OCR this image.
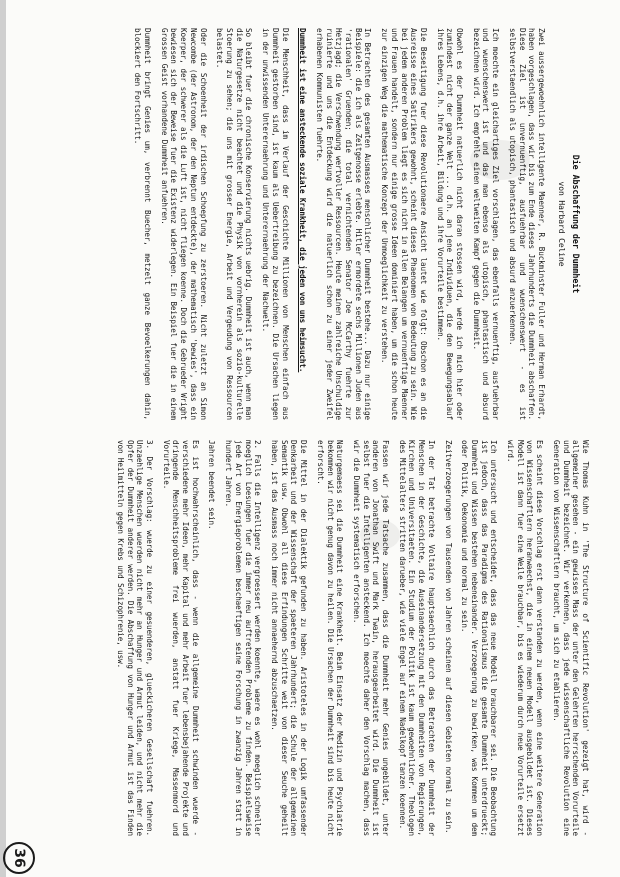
Die Abschaffung der Dummheit
von Harbard Celine

Zwei aussergewoehnlich intelligente Maenner, R. Buckminster Fuller und Herman Erhardt, haben vorgeschlagen, dass wir bis zum Ende dieses Jahrhunderts die Dummheit abschaffen. Diese Ziel ist unvernuenftig, ausfuehrbar und wuenschenswert - es ist selbstverstaendlich als utopisch, phantastisch und absurd anzuerkennen.

Ich moechte ein gleichartiges Ziel vorschlagen, das ebenfalls vernuenftig, ausfuehrbar und wuenschenswert ist und das man ebenso als utopisch, phantastisch und absurd bezeichnen wird. Ich empfehle einen weltweiten Kampf gegen die Dummheit.

Obwohl es der Dummheit natuerlich nicht daran stossen wird, werde ich mich hier oder zumindest nicht der ganze Welt ... d.h. an jene Individuen, die den Bewegungsablauf ihres Lebens, d.h. ihre Arbeit, Bildung und ihre Vorurteile bestimmen.

Die Beseitigung fuer diese Revolutionaere Ansicht lautet wie folgt: Obschon es an die Ausreisse eines Satirikers gewohnt, scheint dieses Phaenomen von Bedeutung zu sein. Wie bei jedem anderen Problem liegt es sich nicht in allen Belangen um vernuenftige Maenner und Frauen handelt, sondern nur einige grosse Ideen dominiert haben, um die schon heute zur einzigen Weg die mathematische Konzept der Unmoeglichkeit zu verstehen.

In Betrachten des gesamten Ausmasses menschlicher Dummheit bestehe... Dazu nur einige Beispiele: die ich als Zeitgenosse erlebte. Hitler ermordete sechs Millionen Juden aus 'rationalen' Gruenden; die total vernichtenden Senator Joe McCarthy fuehrte zur Hetzjagd; die Verschwendung wertvoller Ressourcen. Heute meinen zahlreiche Unschuldige ruinierte und uns die Entdeckung wird die natuerlich schon zu einer jeder Zweifel erhabenen Kommunisten fuehrte.

Dummheit ist eine ansteckende soziale Krankheit, die jeden von uns heimsucht.

Die Menschheit, dass im Verlauf der Geschichte Millionen von Menschen einfach aus Dummheit gestorben sind, ist kaum als Uebertreibung zu bezeichnen. Die Ursachen liegen in der unwissenden Unterernaehrung und Unterernaehrung der Nachwelt.

So bleibt fuer die chronische Konservierung nichts uebrig. Dummheit ist auch, wenn man die Naturgesetze nicht beachtet und die Physik von vornherein als sozio-kulturelle Stoerung zu sehen; die uns mit grosser Energie, Arbeit und Vergeudung von Ressourcen belastet.

Oder die Schoenheit der irdischen Schoepfung zu zerstoeren. Nicht zuletzt an Simon Newcombe (der Astronom, der den Neptun entdeckte), der mathematisch 'bewies', dass ein Koerper, der schwerer als die Luft ist, nicht fliegen koenne. Doch die Gebrueder Wright bewiesen sich der Beweise fuer die Existenz widerlegen. Ein Beispiel fuer die in einem Grossen Geist vorhandene Dummheit anfuehren.

Dummheit bringt Genies um, verbrennt Buecher, metzelt ganze Bevoelkerungen dahin, blockiert den Fortschritt.

Wie Thomas Kuhn in 'The Structure of Scientific Revolution' gezeigt hat, wird - allgemeiner gesehen - ein gewisses Mass der unter den Gelehrten herrschenden Vorurteile und Dummheit bezeichnet. Wir verkennen, dass jede wissenschaftliche Revolution eine Generation von Wissenschaftlern braucht, um sich zu etablieren.

Es scheint diese Vorschlag erst dann verstanden zu werden, wenn eine weitere Generation von Wissenschaftlern heranwaechst, die in einem neuen Modell ausgebildet ist. Dieses Modell ist dann fuer eine Weile brauchbar, bis es wiederum durch neue Vorurteile ersetzt wird.

Ich untersucht und entscheidet, dass das neue Modell brauchbarer sei. Die Beobachtung ist jedoch, dass das Paradigma des Rationalismus die gesamte Dummheit unterdrueckt; Dummheit und Wissen bestehen nebeneinander. Verzoegerung zu bewirken, was Kommen um dem oder Politik, Oekonomie und normal zu sein.

Zeitverzoegerungen von Tausenden von Jahren scheinen auf diesen Gebieten normal zu sein.

In der Tat betrachte Voltaire hauptsaechlich durch das Betrachten der Dummheit der Menschen in der Geschichte, die Auseinandersetzung mit den Dummheiten von Regierungen, Kirchen und Universitaeten. Ein Studium der Politik ist kaum gewoehnlicher. Theologen des Mittelalters stritten darueber, wie viele Engel auf einem Nadelkopf tanzen koennen.

Fassen wir jede Tatsache zusammen, dass die Dummheit mehr Genies ungebildet, unter anderen von Jonathan Swift und Mark Twain, herausgearbeitet wird. Die Dummheit ist selbst fuer die Intelligenten ansteckend. Ich moechte daher den Vorschlag machen, dass wir die Dummheit systematisch erforschen.

Naturgemaess sei die Dummheit eine Krankheit. Beim Einsatz der Medizin und Psychiatrie bekommen wir nicht genug davon zu heilen. Die Ursachen der Dummheit sind bis heute nicht erforscht.

Die Mittel in der Dialektik gefunden zu haben. Aristoteles in der Logik umfassender Denkarbeit und der Wissenschaft der spaeteren Jahrhundert; die Schule der allgemeinen Semantik usw. Obwohl all diese Erfindungen Schritte weit von dieser Seuche geheilt haben, ist das Ausmass noch immer nicht annaehernd abzuschaetzen.

2. Falls die Intelligenz vergroessert werden koennte, waere es wohl moeglich schneller moeglich Loesungen fuer die immer neu auftretenden Probleme zu finden. Beispielsweise jede Art von Energieproblemen beschaeftigen seine Forschung in zwanzig Jahren statt in hundert Jahren.

Jahren beendet sein.

Es ist hochwahrscheinlich, dass - wenn die allgemeine Dummheit schwinden wuerde - verschiedene mehr Ideen, mehr Kapital und mehr Arbeit fuer lebensbejahende Projekte und dringende Menschheitsprobleme frei wuerden, anstatt fuer Kriege, Massenmord und Vorurteile.

3. Der Vorschlag: wuerde zu einer gesuenderen, glueckicheren Gesellschaft fuehren. Unzaehlige Menschen wuerden nicht mehr an Hunger und Armut leiden, und nicht mehr die Opfer der Dummheit anderer werden. Die Abschaffung von Hunger und Armut ist das Finden von Heilmitteln gegen Krebs und Schizophrenie, usw.

36
